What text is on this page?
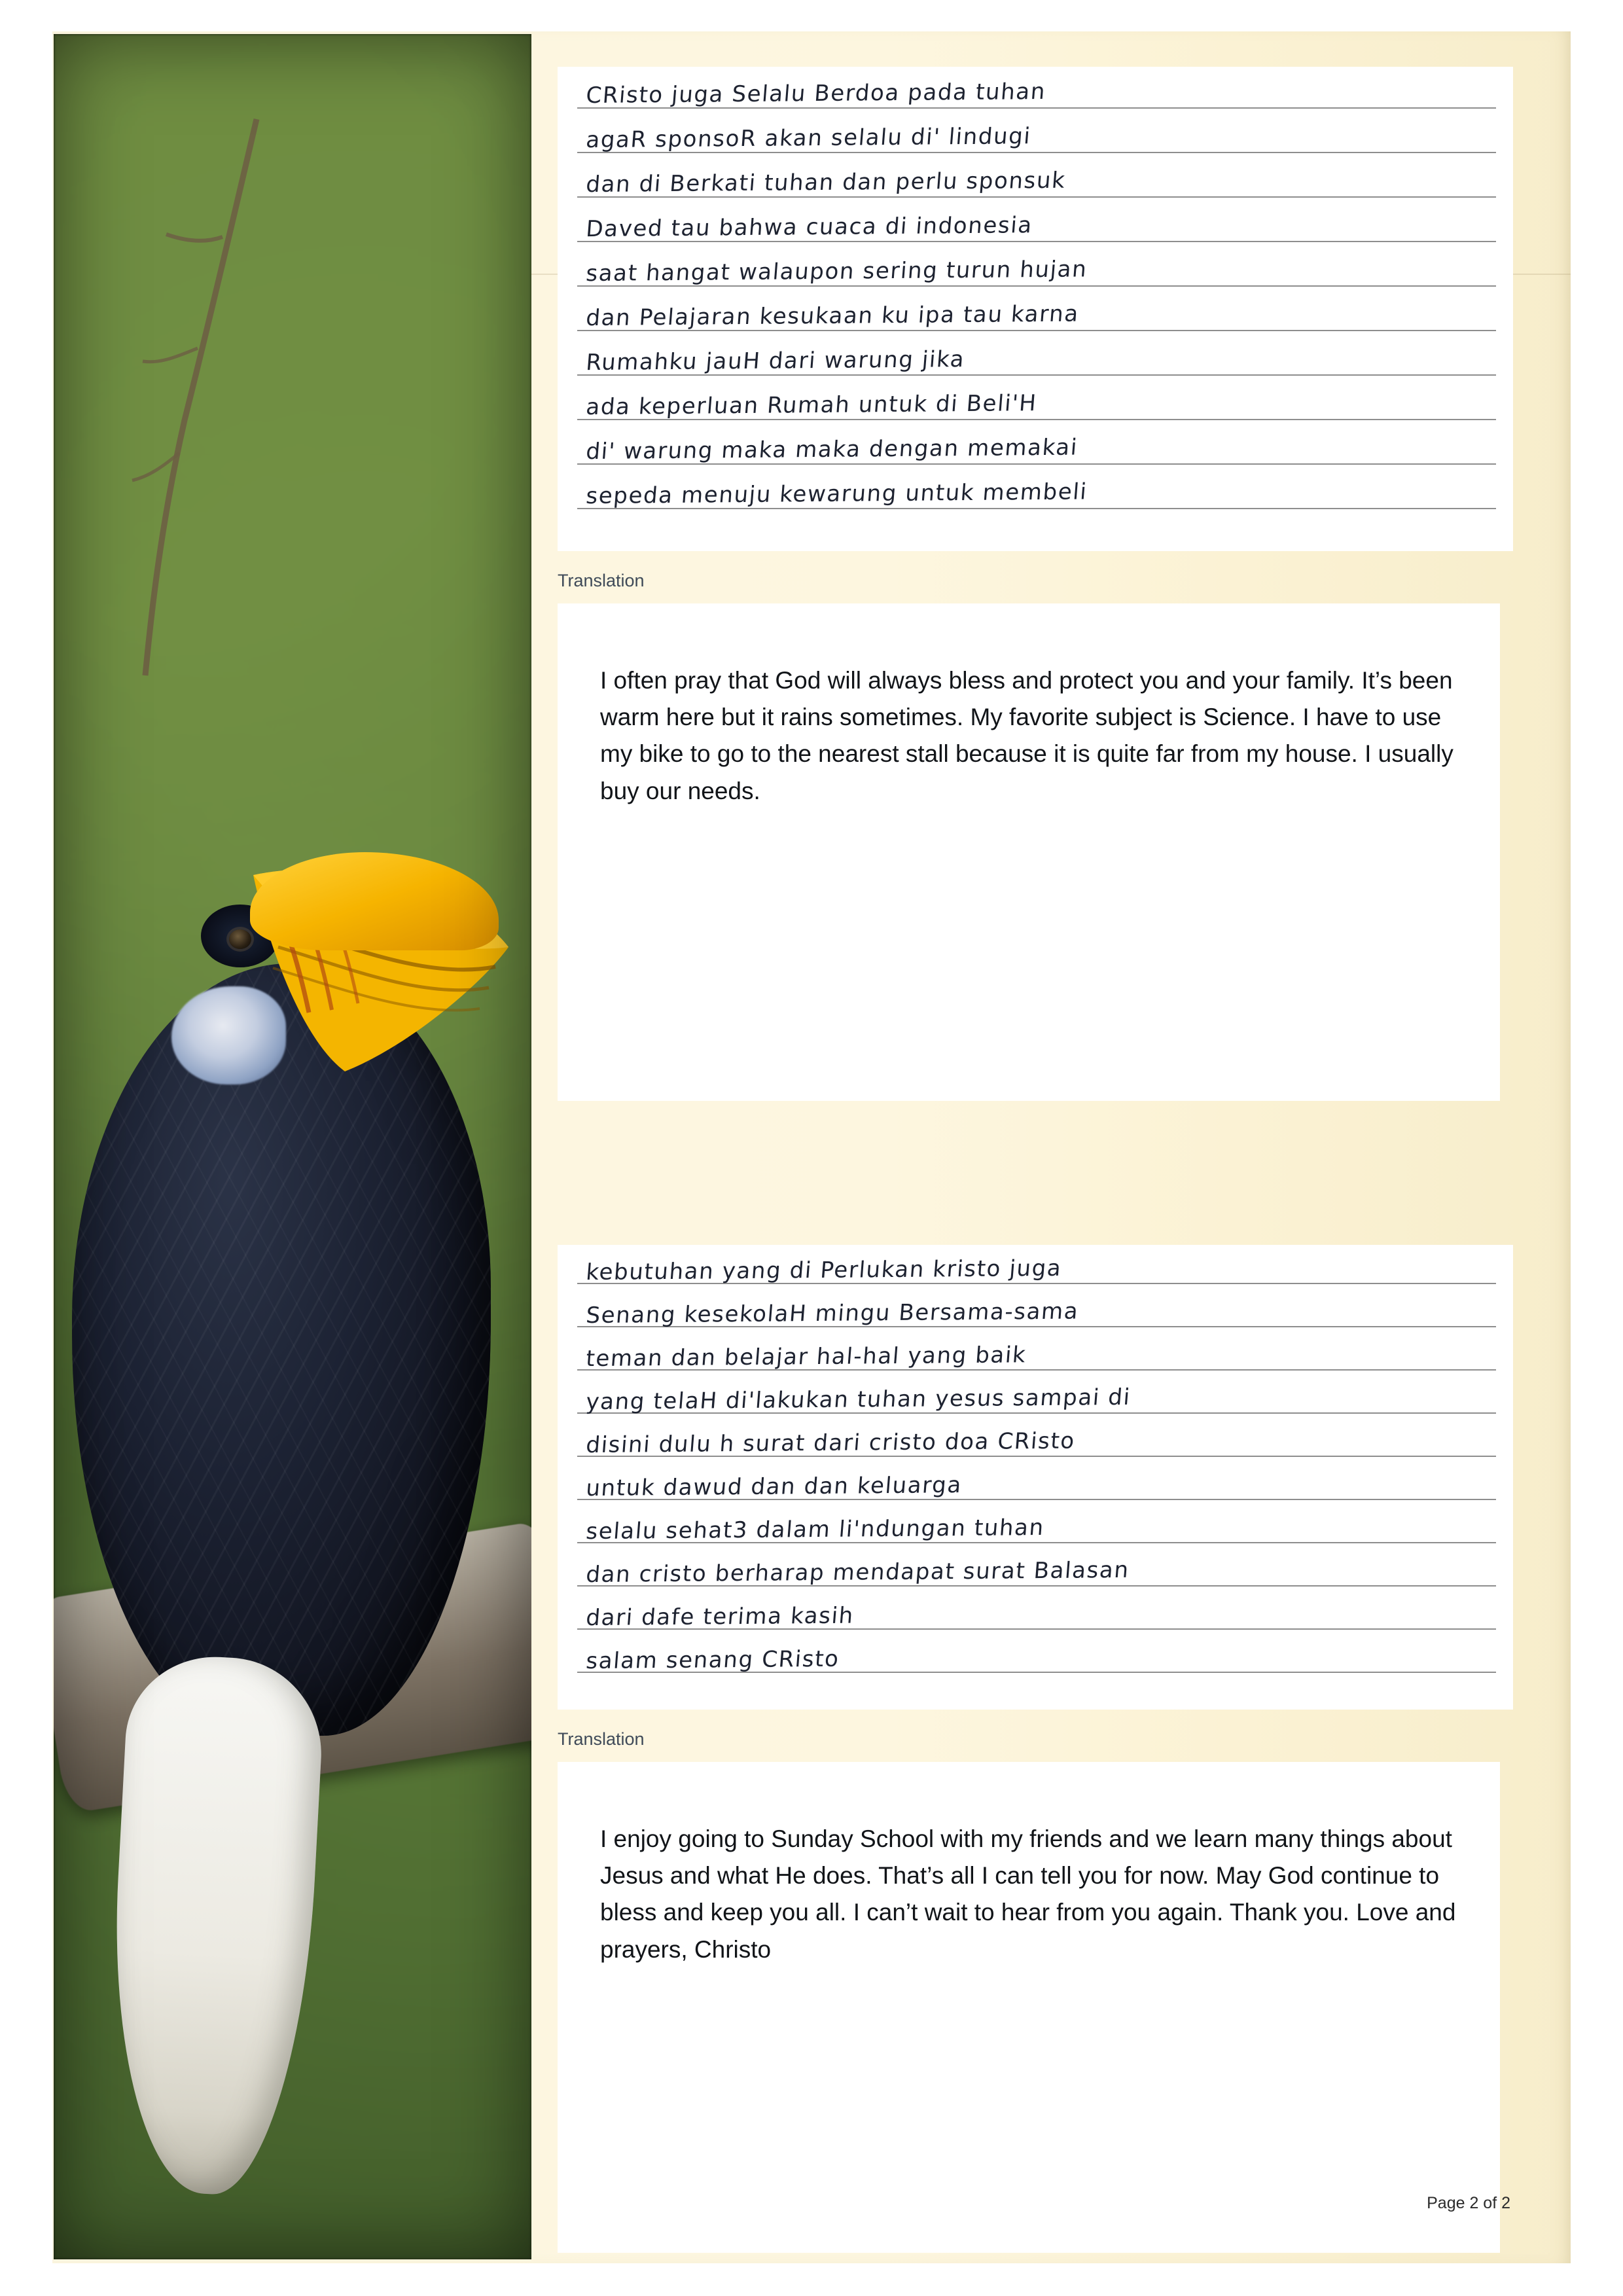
CRisto juga Selalu Berdoa pada tuhan
agaR sponsoR akan selalu di' lindugi
dan di Berkati tuhan dan perlu sponsuk
Daved tau bahwa cuaca di indonesia
saat hangat walaupon sering turun hujan
dan Pelajaran kesukaan ku ipa tau karna
Rumahku jauH dari warung jika
ada keperluan Rumah untuk di Beli'H
di' warung maka maka dengan memakai
sepeda menuju kewarung untuk membeli
Translation
I often pray that God will always bless and protect you and your family. It’s been warm here but it rains sometimes. My favorite subject is Science. I have to use my bike to go to the nearest stall because it is quite far from my house. I usually buy our needs.
kebutuhan yang di Perlukan kristo juga
Senang kesekolaH mingu Bersama-sama
teman dan belajar hal-hal yang baik
yang telaH di'lakukan tuhan yesus sampai di
disini dulu h surat dari cristo doa CRisto
untuk dawud dan dan keluarga
selalu sehat3 dalam li'ndungan tuhan
dan cristo berharap mendapat surat Balasan
dari dafe terima kasih
salam senang CRisto
Translation
I enjoy going to Sunday School with my friends and we learn many things about Jesus and what He does. That’s all I can tell you for now. May God continue to bless and keep you all. I can’t wait to hear from you again. Thank you. Love and prayers, Christo
Page 2 of 2
